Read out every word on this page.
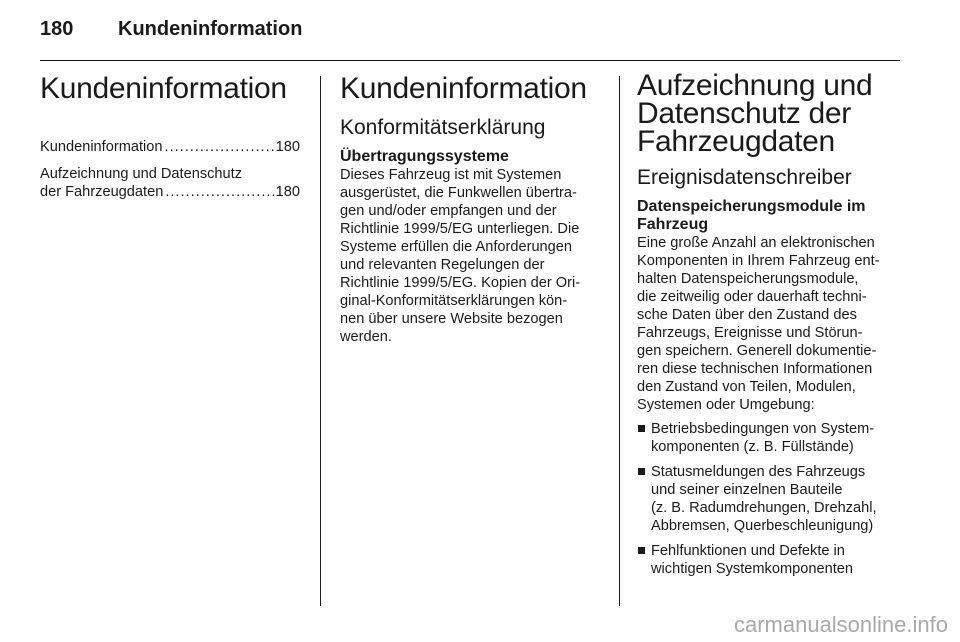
180 Kundeninformation
Kundeninformation
Kundeninformation .....	180
Aufzeichnung und Datenschutz
der Fahrzeugdaten .....	180
Kundeninformation
Konformitätserklärung
Übertragungssysteme
Dieses Fahrzeug ist mit Systemen
ausgerüstet, die Funkwellen übertra-
gen und/oder empfangen und der
Richtlinie 1999/5/EG unterliegen. Die
Systeme erfüllen die Anforderungen
und relevanten Regelungen der
Richtlinie 1999/5/EG. Kopien der Ori-
ginal-Konformitätserklärungen kön-
nen über unsere Website bezogen
werden.
Aufzeichnung und
Datenschutz der
Fahrzeugdaten
Ereignisdatenschreiber
Datenspeicherungsmodule im
Fahrzeug
Eine große Anzahl an elektronischen
Komponenten in Ihrem Fahrzeug ent-
halten Datenspeicherungsmodule,
die zeitweilig oder dauerhaft techni-
sche Daten über den Zustand des
Fahrzeugs, Ereignisse und Störun-
gen speichern. Generell dokumentie-
ren diese technischen Informationen
den Zustand von Teilen, Modulen,
Systemen oder Umgebung:
Betriebsbedingungen von System-
komponenten (z. B. Füllstände)
Statusmeldungen des Fahrzeugs
und seiner einzelnen Bauteile
(z. B. Radumdrehungen, Drehzahl,
Abbremsen, Querbeschleunigung)
Fehlfunktionen und Defekte in
wichtigen Systemkomponenten
carmanualsonline.info
